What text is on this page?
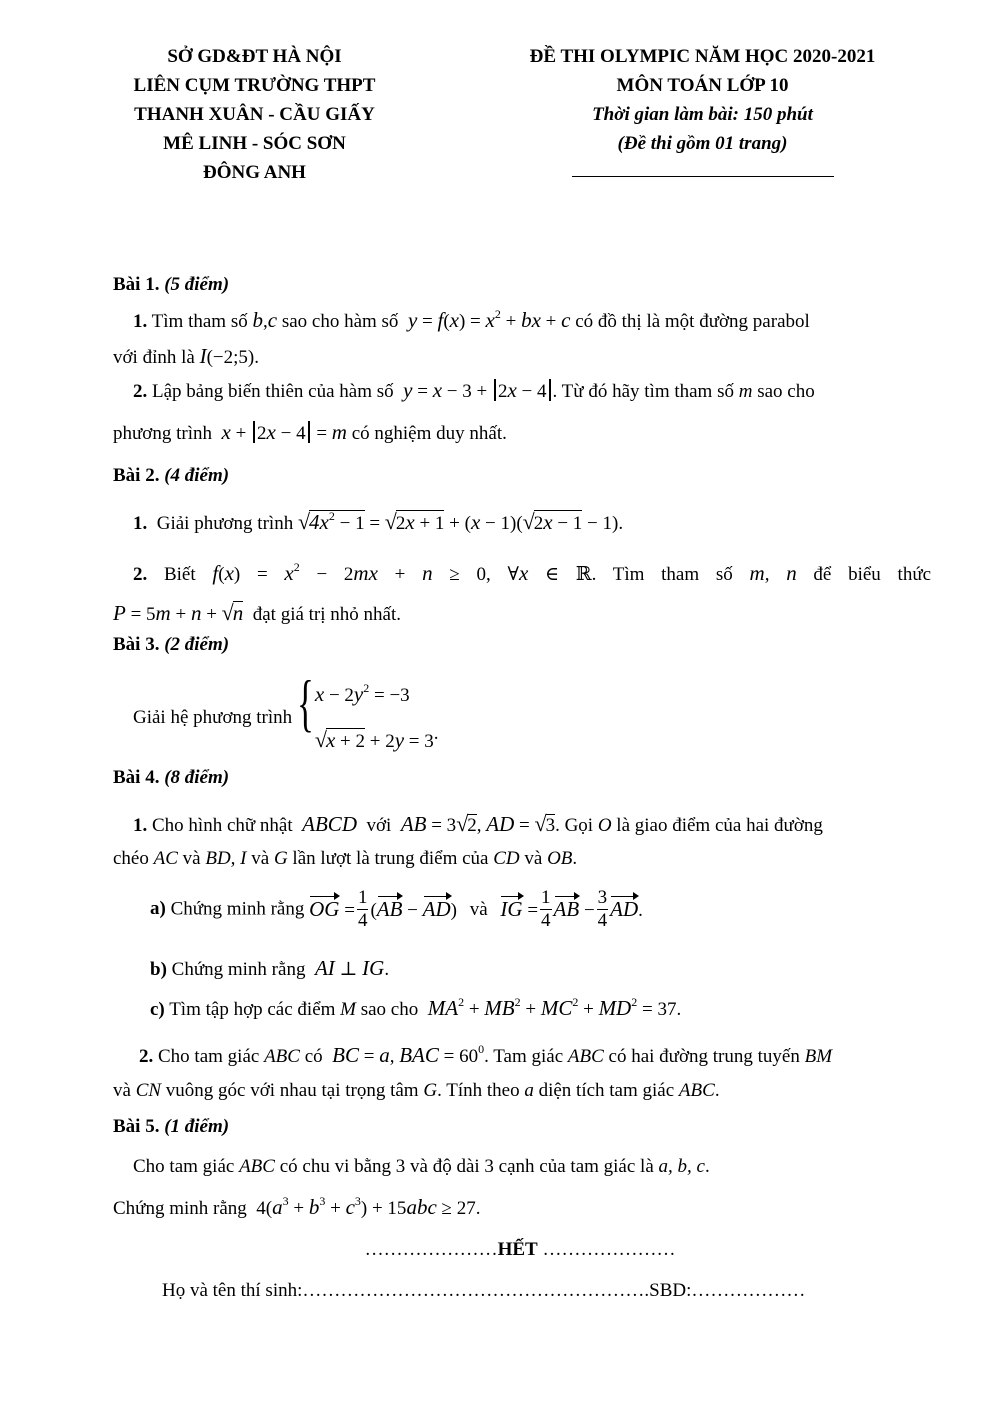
SỞ GD&ĐT HÀ NỘI
LIÊN CỤM TRƯỜNG THPT
THANH XUÂN - CẦU GIẤY
MÊ LINH - SÓC SƠN
ĐÔNG ANH
ĐỀ THI OLYMPIC NĂM HỌC 2020-2021
MÔN TOÁN LỚP 10
Thời gian làm bài: 150 phút
(Đề thi gồm 01 trang)
Bài 1. (5 điểm)
1. Tìm tham số b,c sao cho hàm số $y = f(x) = x^2$ + bx + c có đồ thị là một đường parabol
với đỉnh là I(−2;5).
2. Lập bảng biến thiên của hàm số y = x − 3 + 2x − 4 . Từ đó hãy tìm tham số m sao cho
phương trình x + 2x − 4 = m có nghiệm duy nhất.
Bài 2. (4 điểm)
1. Giải phương trình $√4x^2 - 1 = √2x + 1 + (x - 1)(√2x - 1 - 1)$.
2. Biết $f(x) = x^2 - 2mx + n \ge 0$, ∀x ∈ ℝ. Tìm tham số m, n để biểu thức
P = 5m + n + √n đạt giá trị nhỏ nhất.
Bài 3. (2 điểm)
Giải hệ phương trình { $x - 2y^2 = -3$
√x + 2 + 2y = 3.
Bài 4. (8 điểm)
1. Cho hình chữ nhật ABCD với AB = 3√2, AD = √3. Gọi O là giao điểm của hai đường
chéo AC và BD, I và G lần lượt là trung điểm của CD và OB.
a) Chứng minh rằng OG = $\frac{1}{4} (AB - AD)$ và IG = $\frac{1}{4}$ AB − $\frac{3}{4}$ AD.
b) Chứng minh rằng AI ⊥ IG.
c) Tìm tập hợp các điểm M sao cho $MA^2 + MB^2 + MC^2 + MD^2 = 37$.
2. Cho tam giác ABC có BC = a, BAC = $60^0$. Tam giác ABC có hai đường trung tuyến BM
và CN vuông góc với nhau tại trọng tâm G. Tính theo a diện tích tam giác ABC.
Bài 5. (1 điểm)
Cho tam giác ABC có chu vi bằng 3 và độ dài 3 cạnh của tam giác là a, b, c.
Chứng minh rằng  $4(a^3 + b^3 + c^3) + 15abc \ge 27$.
…………………HẾT …………………
Họ và tên thí sinh:……………………………………………….SBD:………………
